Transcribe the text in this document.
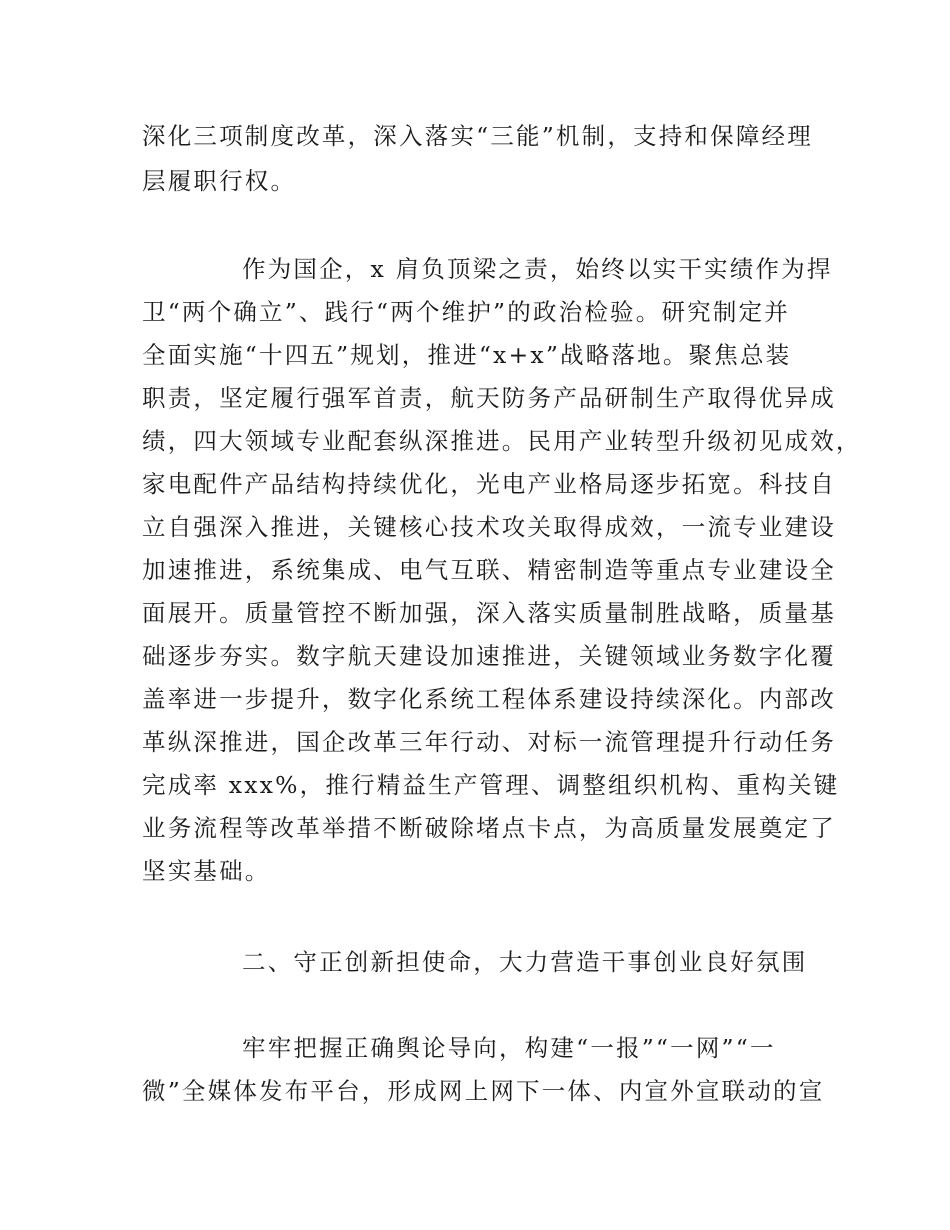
深化三项制度改革，深入落实“三能”机制，支持和保障经理
层履职行权。
作为国企，x 肩负顶梁之责，始终以实干实绩作为捍
卫“两个确立”、践行“两个维护”的政治检验。研究制定并
全面实施“十四五”规划，推进“x+x”战略落地。聚焦总装
职责，坚定履行强军首责，航天防务产品研制生产取得优异成
绩，四大领域专业配套纵深推进。民用产业转型升级初见成效，
家电配件产品结构持续优化，光电产业格局逐步拓宽。科技自
立自强深入推进，关键核心技术攻关取得成效，一流专业建设
加速推进，系统集成、电气互联、精密制造等重点专业建设全
面展开。质量管控不断加强，深入落实质量制胜战略，质量基
础逐步夯实。数字航天建设加速推进，关键领域业务数字化覆
盖率进一步提升，数字化系统工程体系建设持续深化。内部改
革纵深推进，国企改革三年行动、对标一流管理提升行动任务
完成率 xxx%，推行精益生产管理、调整组织机构、重构关键
业务流程等改革举措不断破除堵点卡点，为高质量发展奠定了
坚实基础。
二、守正创新担使命，大力营造干事创业良好氛围
牢牢把握正确舆论导向，构建“一报”“一网”“一
微”全媒体发布平台，形成网上网下一体、内宣外宣联动的宣
